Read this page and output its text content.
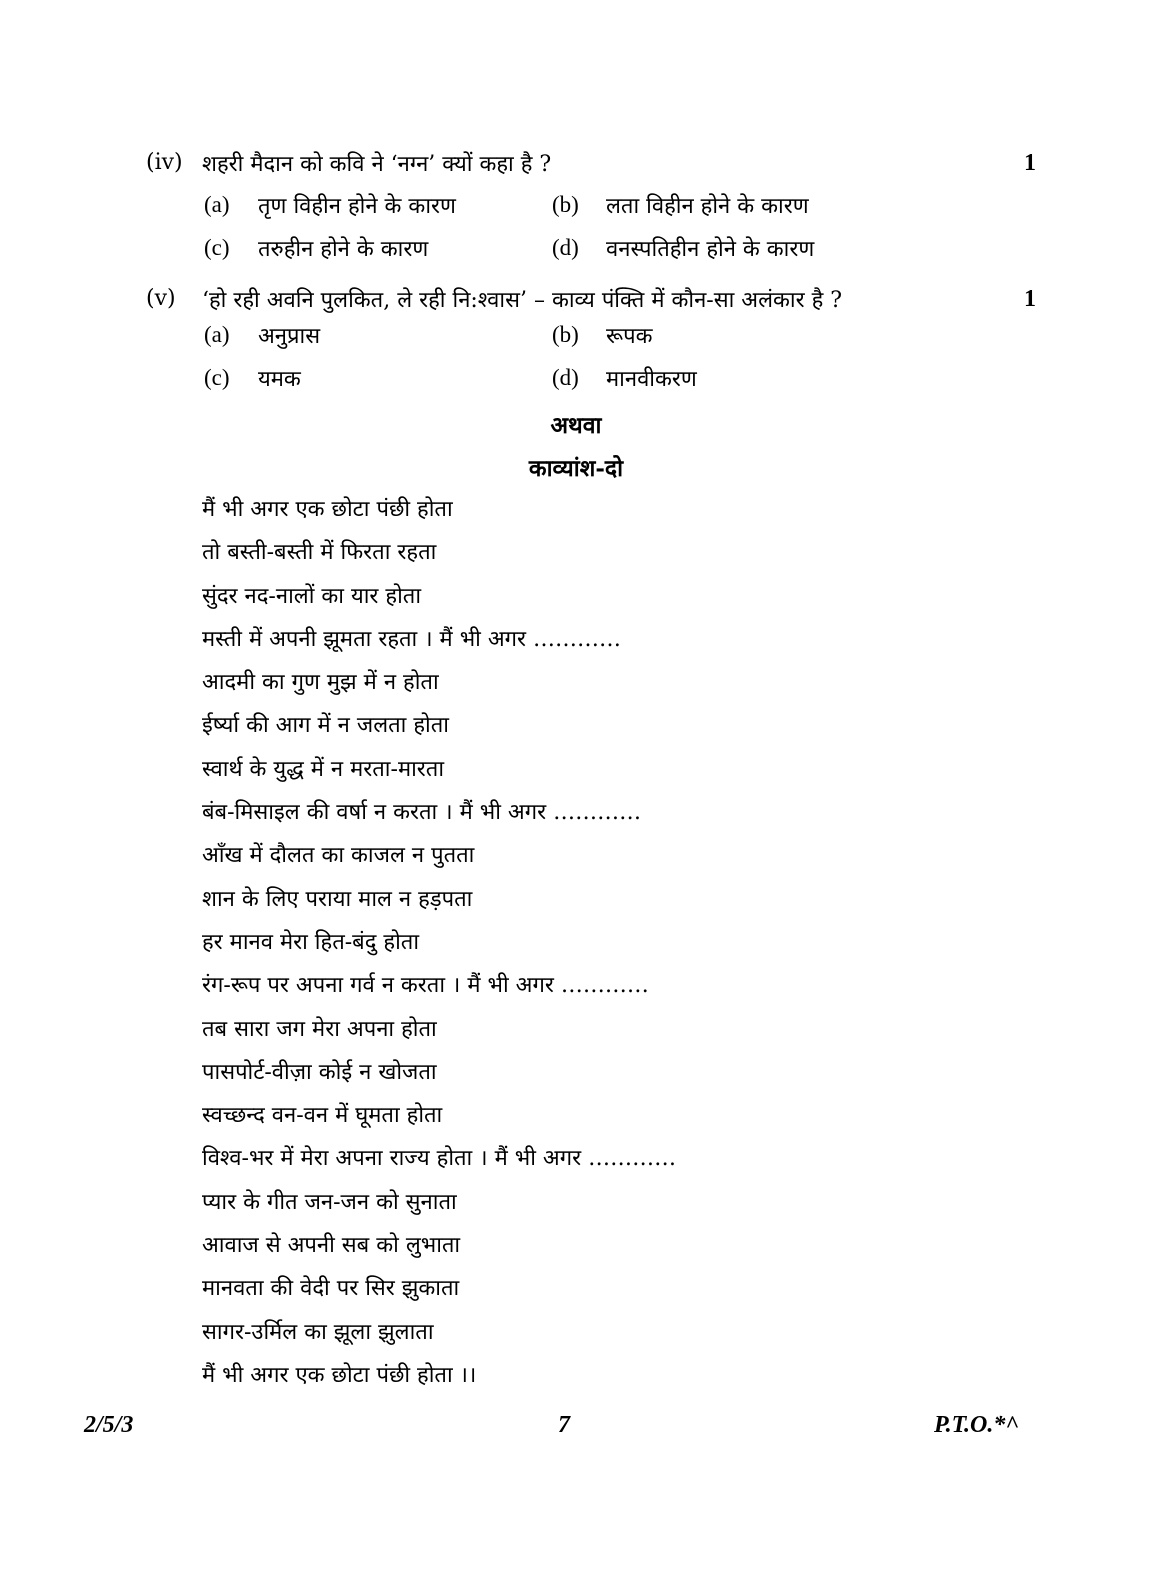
(iv) शहरी मैदान को कवि ने ‘नग्न’ क्यों कहा है ?	1
(a) तृण विहीन होने के कारण	(b) लता विहीन होने के कारण
(c) तरुहीन होने के कारण	(d) वनस्पतिहीन होने के कारण
(v) ‘हो रही अवनि पुलकित, ले रही नि:श्वास’ – काव्य पंक्ति में कौन-सा अलंकार है ?	1
(a) अनुप्रास	(b) रूपक
(c) यमक	(d) मानवीकरण
अथवा
काव्यांश-दो
मैं भी अगर एक छोटा पंछी होता
तो बस्ती-बस्ती में फिरता रहता
सुंदर नद-नालों का यार होता
मस्ती में अपनी झूमता रहता । मैं भी अगर …………
आदमी का गुण मुझ में न होता
ईर्ष्या की आग में न जलता होता
स्वार्थ के युद्ध में न मरता-मारता
बंब-मिसाइल की वर्षा न करता । मैं भी अगर …………
आँख में दौलत का काजल न पुतता
शान के लिए पराया माल न हड़पता
हर मानव मेरा हित-बंदु होता
रंग-रूप पर अपना गर्व न करता । मैं भी अगर …………
तब सारा जग मेरा अपना होता
पासपोर्ट-वीज़ा कोई न खोजता
स्वच्छन्द वन-वन में घूमता होता
विश्व-भर में मेरा अपना राज्य होता । मैं भी अगर …………
प्यार के गीत जन-जन को सुनाता
आवाज से अपनी सब को लुभाता
मानवता की वेदी पर सिर झुकाता
सागर-उर्मिल का झूला झुलाता
मैं भी अगर एक छोटा पंछी होता ।।
2/5/3	7	P.T.O.*^
